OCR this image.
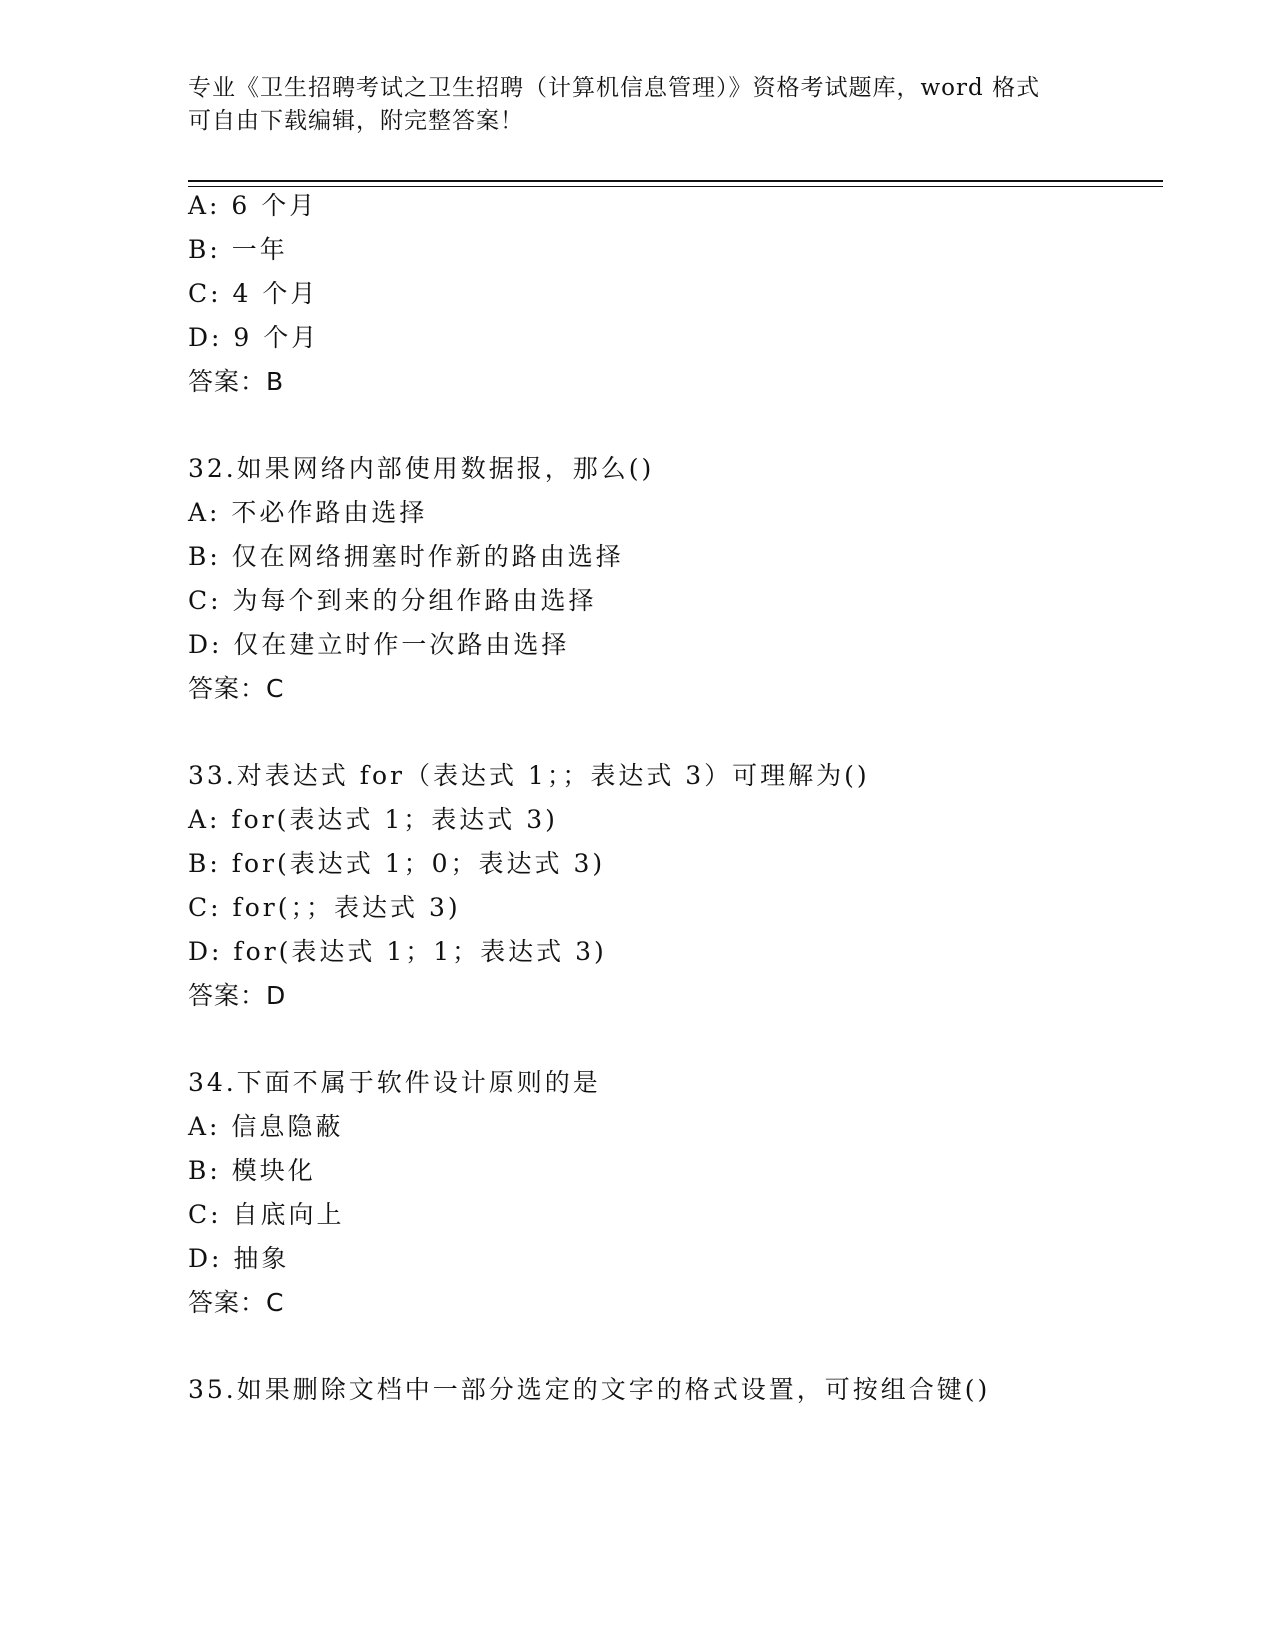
专业《卫生招聘考试之卫生招聘（计算机信息管理）》资格考试题库，word 格式
可自由下载编辑，附完整答案！
A: 6 个月
B: 一年
C: 4 个月
D: 9 个月
答案：B
32.如果网络内部使用数据报，那么()
A: 不必作路由选择
B: 仅在网络拥塞时作新的路由选择
C: 为每个到来的分组作路由选择
D: 仅在建立时作一次路由选择
答案：C
33.对表达式 for（表达式 1；；表达式 3）可理解为()
A: for(表达式 1；表达式 3)
B: for(表达式 1；0；表达式 3)
C: for(；；表达式 3)
D: for(表达式 1；1；表达式 3)
答案：D
34.下面不属于软件设计原则的是
A: 信息隐蔽
B: 模块化
C: 自底向上
D: 抽象
答案：C
35.如果删除文档中一部分选定的文字的格式设置，可按组合键()
